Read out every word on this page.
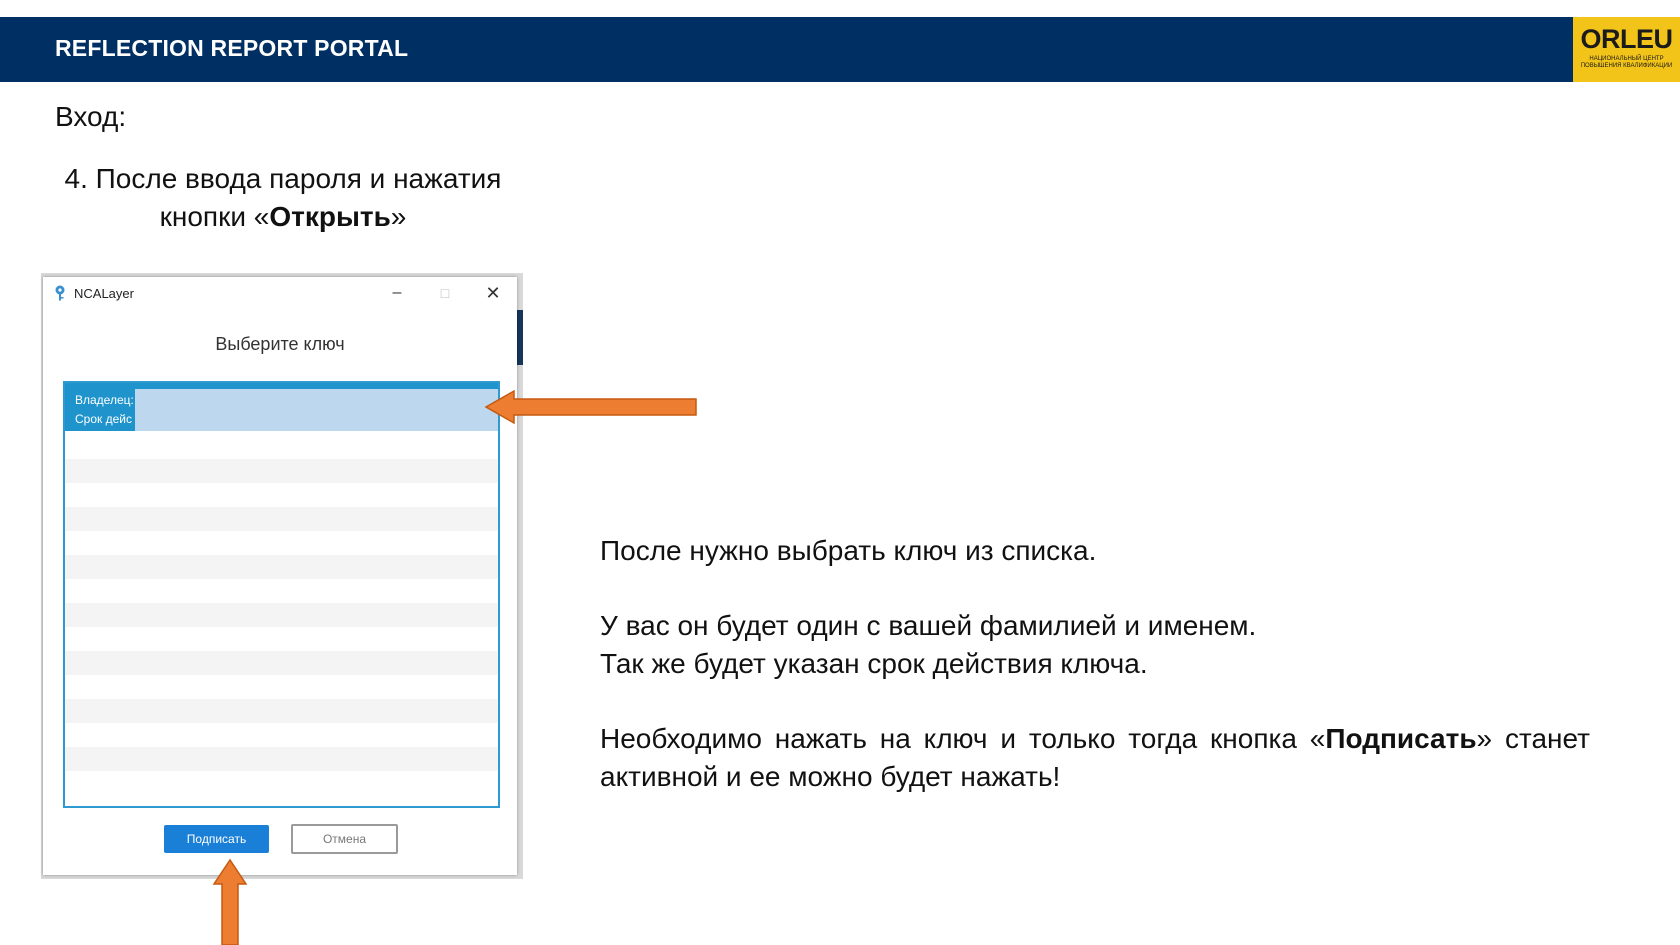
REFLECTION REPORT PORTAL	ORLEU
НАЦИОНАЛЬНЫЙ ЦЕНТР ПОВЫШЕНИЯ КВАЛИФИКАЦИИ
Вход:
4. После ввода пароля и нажатия кнопки «Открыть»
NCALayer	–	□	✕
Выберите ключ
Владелец:
Срок дейс
Подписать	Отмена
После нужно выбрать ключ из списка.
У вас он будет один с вашей фамилией и именем.
Так же будет указан срок действия ключа.
Необходимо нажать на ключ и только тогда кнопка «Подписать» станет активной и ее можно будет нажать!
